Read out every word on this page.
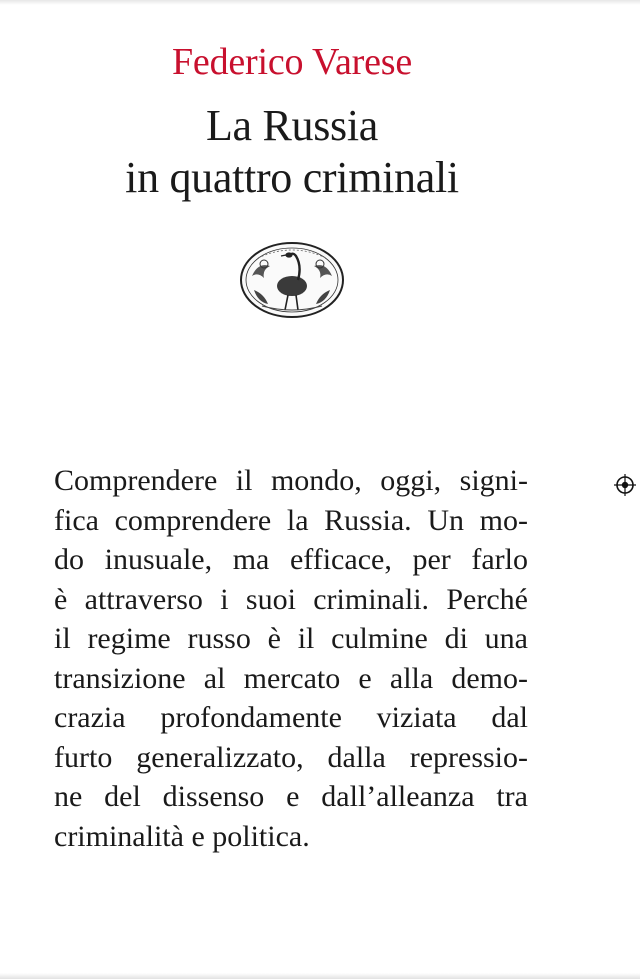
Federico Varese
La Russia
in quattro criminali
Comprendere il mondo, oggi, signi-
fica comprendere la Russia. Un mo-
do inusuale, ma efficace, per farlo
è attraverso i suoi criminali. Perché
il regime russo è il culmine di una
transizione al mercato e alla demo-
crazia profondamente viziata dal
furto generalizzato, dalla repressio-
ne del dissenso e dall’alleanza tra
criminalità e politica.
